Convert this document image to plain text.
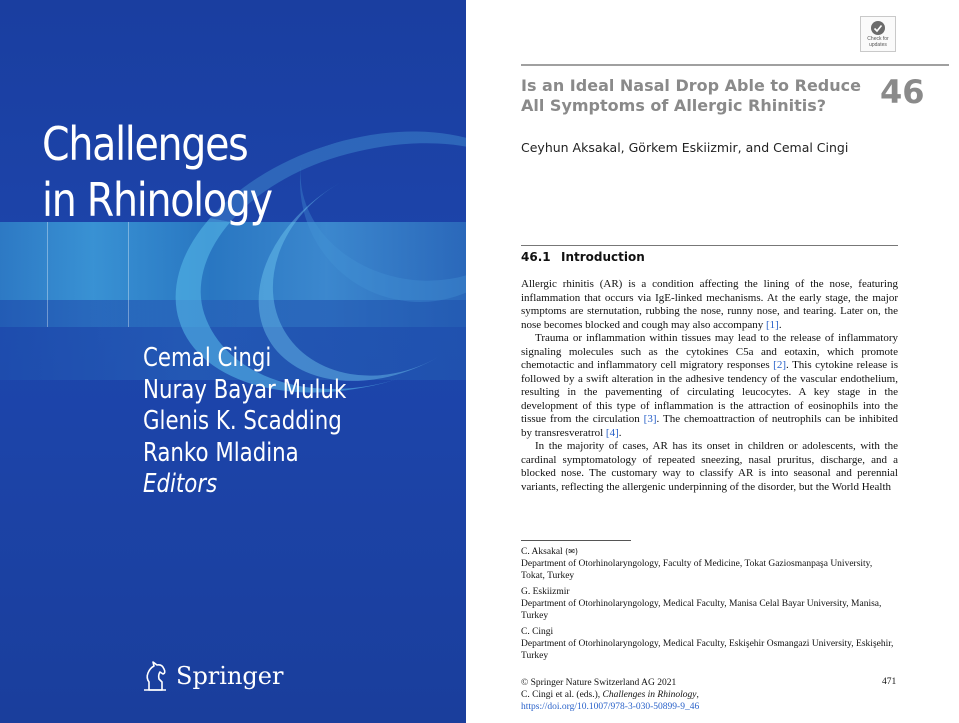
Challenges
in Rhinology
Cemal Cingi
Nuray Bayar Muluk
Glenis K. Scadding
Ranko Mladina
Editors
Springer
Check for
updates
Is an Ideal Nasal Drop Able to Reduce All Symptoms of Allergic Rhinitis?	46
Ceyhun Aksakal, Görkem Eskiizmir, and Cemal Cingi
46.1 Introduction

Allergic rhinitis (AR) is a condition affecting the lining of the nose, featuring inflammation that occurs via IgE-linked mechanisms. At the early stage, the major symptoms are sternutation, rubbing the nose, runny nose, and tearing. Later on, the nose becomes blocked and cough may also accompany [1].

Trauma or inflammation within tissues may lead to the release of inflammatory signaling molecules such as the cytokines C5a and eotaxin, which promote chemotactic and inflammatory cell migratory responses [2]. This cytokine release is followed by a swift alteration in the adhesive tendency of the vascular endothelium, resulting in the pavementing of circulating leucocytes. A key stage in the development of this type of inflammation is the attraction of eosinophils into the tissue from the circulation [3]. The chemoattraction of neutrophils can be inhibited by transresveratrol [4].

In the majority of cases, AR has its onset in children or adolescents, with the cardinal symptomatology of repeated sneezing, nasal pruritus, discharge, and a blocked nose. The customary way to classify AR is into seasonal and perennial variants, reflecting the allergenic underpinning of the disorder, but the World Health

C. Aksakal (✉)
Department of Otorhinolaryngology, Faculty of Medicine, Tokat Gaziosmanpaşa University, Tokat, Turkey
G. Eskiizmir
Department of Otorhinolaryngology, Medical Faculty, Manisa Celal Bayar University, Manisa, Turkey
C. Cingi
Department of Otorhinolaryngology, Medical Faculty, Eskişehir Osmangazi University, Eskişehir, Turkey
© Springer Nature Switzerland AG 2021
C. Cingi et al. (eds.), Challenges in Rhinology,
https://doi.org/10.1007/978-3-030-50899-9_46
471
